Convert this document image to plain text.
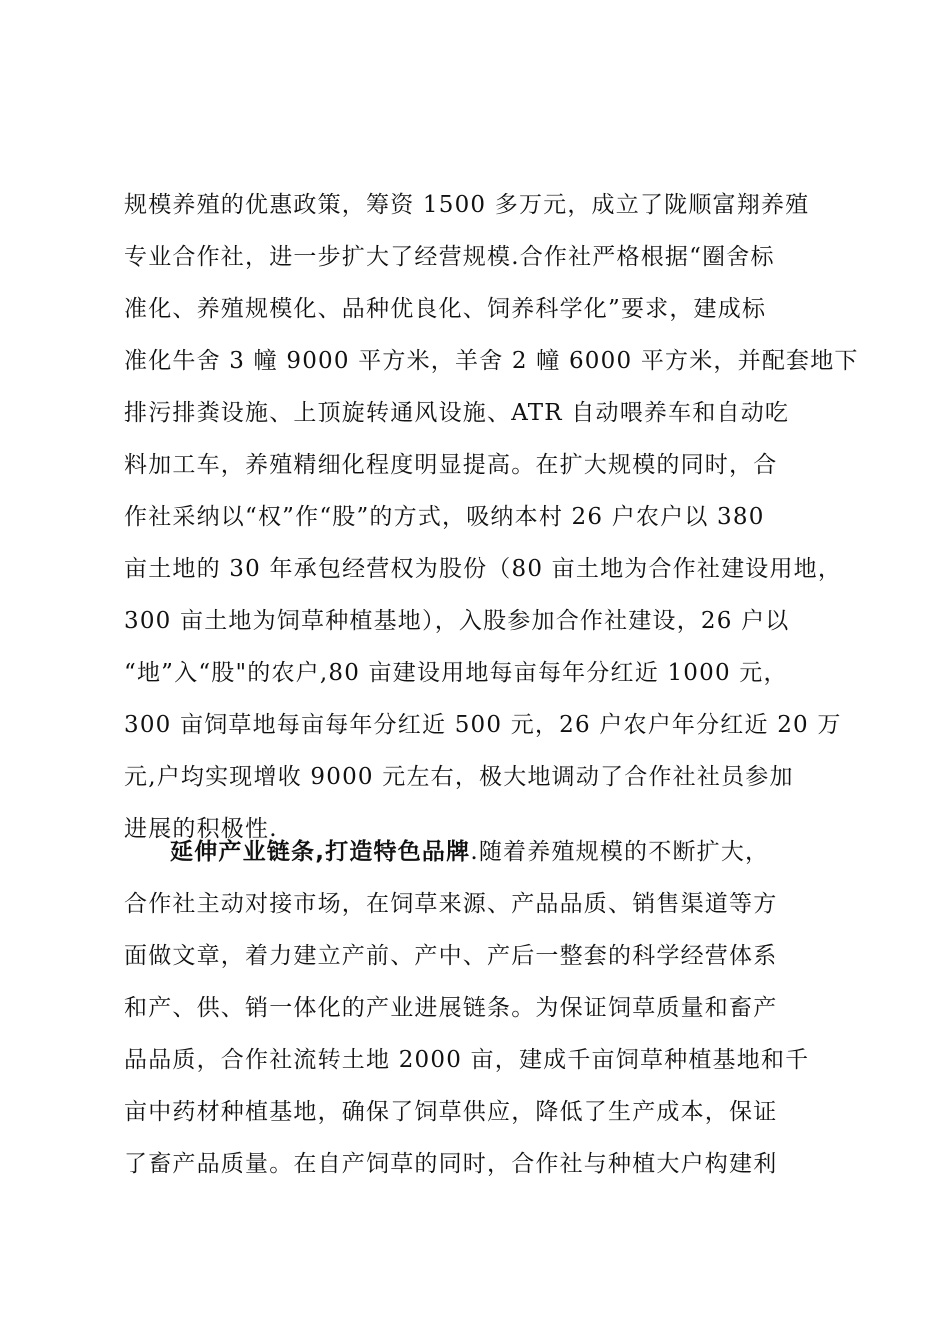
规模养殖的优惠政策，筹资 1500 多万元，成立了陇顺富翔养殖
专业合作社，进一步扩大了经营规模.合作社严格根据“圈舍标
准化、养殖规模化、品种优良化、饲养科学化”要求，建成标
准化牛舍 3 幢 9000 平方米，羊舍 2 幢 6000 平方米，并配套地下
排污排粪设施、上顶旋转通风设施、ATR 自动喂养车和自动吃
料加工车，养殖精细化程度明显提高。在扩大规模的同时，合
作社采纳以“权”作“股”的方式，吸纳本村 26 户农户以 380
亩土地的 30 年承包经营权为股份（80 亩土地为合作社建设用地，
300 亩土地为饲草种植基地），入股参加合作社建设，26 户以
“地”入“股"的农户,80 亩建设用地每亩每年分红近 1000 元，
300 亩饲草地每亩每年分红近 500 元，26 户农户年分红近 20 万
元,户均实现增收 9000 元左右，极大地调动了合作社社员参加
进展的积极性.
延伸产业链条,打造特色品牌.随着养殖规模的不断扩大，
合作社主动对接市场，在饲草来源、产品品质、销售渠道等方
面做文章，着力建立产前、产中、产后一整套的科学经营体系
和产、供、销一体化的产业进展链条。为保证饲草质量和畜产
品品质，合作社流转土地 2000 亩，建成千亩饲草种植基地和千
亩中药材种植基地，确保了饲草供应，降低了生产成本，保证
了畜产品质量。在自产饲草的同时，合作社与种植大户构建利
